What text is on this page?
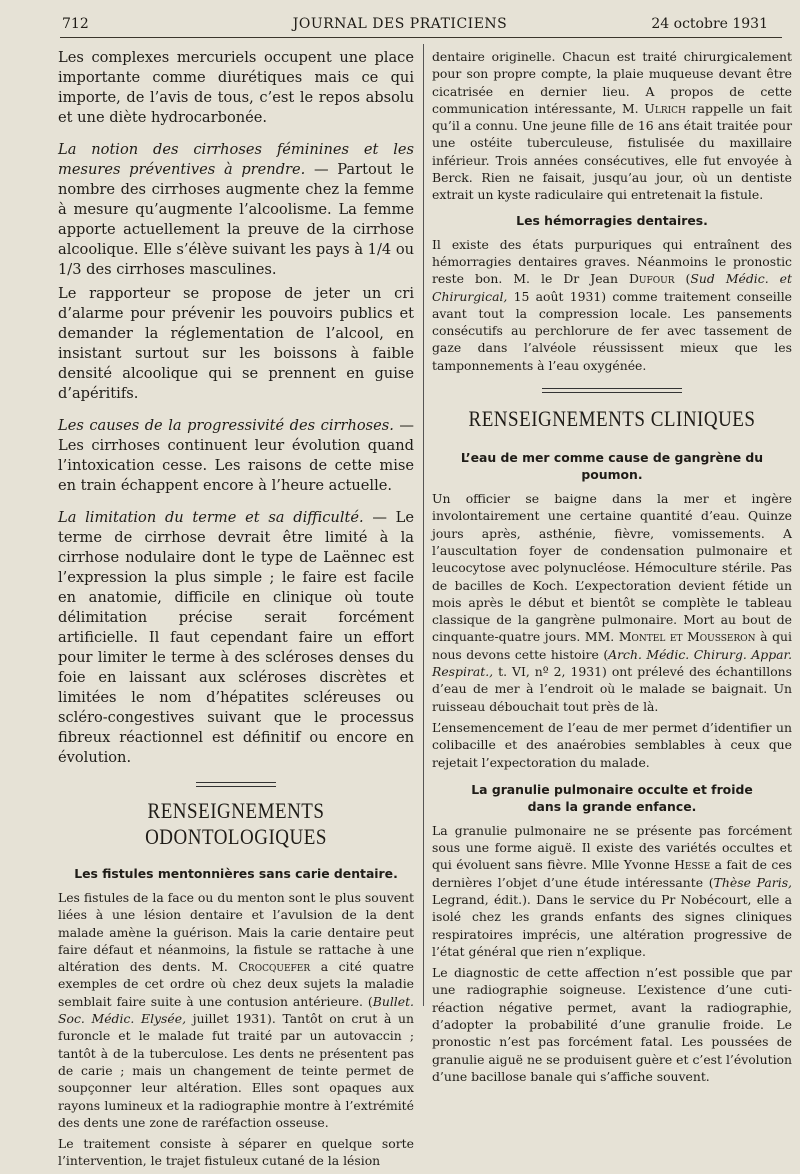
712	JOURNAL DES PRATICIENS	24 octobre 1931

Les complexes mercuriels occupent une place importante comme diurétiques mais ce qui importe, de l’avis de tous, c’est le repos absolu et une diète hydrocarbonée.

La notion des cirrhoses féminines et les mesures préventives à prendre. — Partout le nombre des cirrhoses augmente chez la femme à mesure qu’augmente l’alcoolisme. La femme apporte actuellement la preuve de la cirrhose alcoolique. Elle s’élève suivant les pays à 1/4 ou 1/3 des cirrhoses masculines.

Le rapporteur se propose de jeter un cri d’alarme pour prévenir les pouvoirs publics et demander la réglementation de l’alcool, en insistant surtout sur les boissons à faible densité alcoolique qui se prennent en guise d’apéritifs.

Les causes de la progressivité des cirrhoses. — Les cirrhoses continuent leur évolution quand l’intoxication cesse. Les raisons de cette mise en train échappent encore à l’heure actuelle.

La limitation du terme et sa difficulté. — Le terme de cirrhose devrait être limité à la cirrhose nodulaire dont le type de Laënnec est l’expression la plus simple ; le faire est facile en anatomie, difficile en clinique où toute délimitation précise serait forcément artificielle. Il faut cependant faire un effort pour limiter le terme à des scléroses denses du foie en laissant aux scléroses discrètes et limitées le nom d’hépatites scléreuses ou scléro-congestives suivant que le processus fibreux réactionnel est définitif ou encore en évolution.

RENSEIGNEMENTS ODONTOLOGIQUES
Les fistules mentonnières sans carie dentaire.

Les fistules de la face ou du menton sont le plus souvent liées à une lésion dentaire et l’avulsion de la dent malade amène la guérison. Mais la carie dentaire peut faire défaut et néanmoins, la fistule se rattache à une altération des dents. M. Crocquefer a cité quatre exemples de cet ordre où chez deux sujets la maladie semblait faire suite à une contusion antérieure. (Bullet. Soc. Médic. Elysée, juillet 1931). Tantôt on crut à un furoncle et le malade fut traité par un autovaccin ; tantôt à de la tuberculose. Les dents ne présentent pas de carie ; mais un changement de teinte permet de soupçonner leur altération. Elles sont opaques aux rayons lumineux et la radiographie montre à l’extrémité des dents une zone de raréfaction osseuse.

Le traitement consiste à séparer en quelque sorte l’intervention, le trajet fistuleux cutané de la lésion

dentaire originelle. Chacun est traité chirurgicalement pour son propre compte, la plaie muqueuse devant être cicatrisée en dernier lieu. A propos de cette communication intéressante, M. Ulrich rappelle un fait qu’il a connu. Une jeune fille de 16 ans était traitée pour une ostéite tuberculeuse, fistulisée du maxillaire inférieur. Trois années consécutives, elle fut envoyée à Berck. Rien ne faisait, jusqu’au jour, où un dentiste extrait un kyste radiculaire qui entretenait la fistule.

Les hémorragies dentaires.

Il existe des états purpuriques qui entraînent des hémorragies dentaires graves. Néanmoins le pronostic reste bon. M. le Dr Jean Dufour (Sud Médic. et Chirurgical, 15 août 1931) comme traitement conseille avant tout la compression locale. Les pansements consécutifs au perchlorure de fer avec tassement de gaze dans l’alvéole réussissent mieux que les tamponnements à l’eau oxygénée.

RENSEIGNEMENTS CLINIQUES
L’eau de mer comme cause de gangrène du poumon.

Un officier se baigne dans la mer et ingère involontairement une certaine quantité d’eau. Quinze jours après, asthénie, fièvre, vomissements. A l’auscultation foyer de condensation pulmonaire et leucocytose avec polynucléose. Hémoculture stérile. Pas de bacilles de Koch. L’expectoration devient fétide un mois après le début et bientôt se complète le tableau classique de la gangrène pulmonaire. Mort au bout de cinquante-quatre jours. MM. Montel et Mousseron à qui nous devons cette histoire (Arch. Médic. Chirurg. Appar. Respirat., t. VI, nº 2, 1931) ont prélevé des échantillons d’eau de mer à l’endroit où le malade se baignait. Un ruisseau débouchait tout près de là.

L’ensemencement de l’eau de mer permet d’identifier un colibacille et des anaérobies semblables à ceux que rejetait l’expectoration du malade.

La granulie pulmonaire occulte et froide
dans la grande enfance.

La granulie pulmonaire ne se présente pas forcément sous une forme aiguë. Il existe des variétés occultes et qui évoluent sans fièvre. Mlle Yvonne Hesse a fait de ces dernières l’objet d’une étude intéressante (Thèse Paris, Legrand, édit.). Dans le service du Pr Nobécourt, elle a isolé chez les grands enfants des signes cliniques respiratoires imprécis, une altération progressive de l’état général que rien n’explique.

Le diagnostic de cette affection n’est possible que par une radiographie soigneuse. L’existence d’une cuti-réaction négative permet, avant la radiographie, d’adopter la probabilité d’une granulie froide. Le pronostic n’est pas forcément fatal. Les poussées de granulie aiguë ne se produisent guère et c’est l’évolution d’une bacillose banale qui s’affiche souvent.
